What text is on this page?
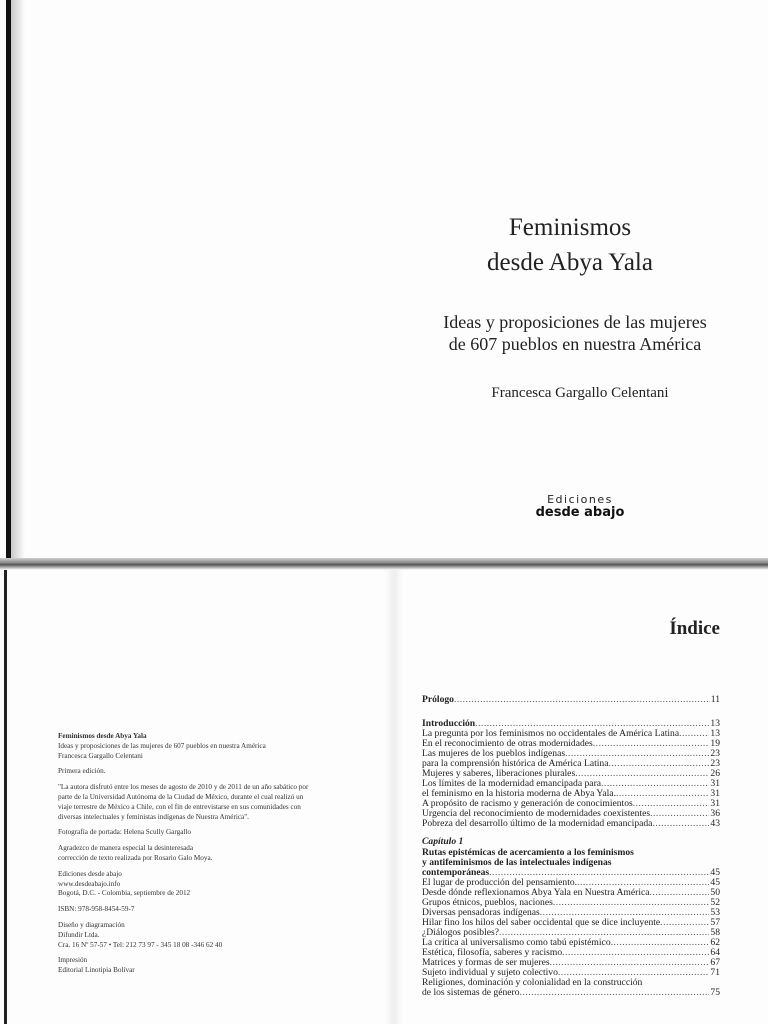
Feminismos
desde Abya Yala
Ideas y proposiciones de las mujeres
de 607 pueblos en nuestra América
Francesca Gargallo Celentani
Ediciones
desde abajo

Feminismos desde Abya Yala
Ideas y proposiciones de las mujeres de 607 pueblos en nuestra América
Francesca Gargallo Celentani

Primera edición.

"La autora disfrutó entre los meses de agosto de 2010 y de 2011 de un año sabático por
parte de la Universidad Autónoma de la Ciudad de México, durante el cual realizó un
viaje terrestre de México a Chile, con el fin de entrevistarse en sus comunidades con
diversas intelectuales y feministas indígenas de Nuestra América".

Fotografía de portada: Helena Scully Gargallo

Agradezco de manera especial la desinteresada
corrección de texto realizada por Rosario Galo Moya.

Ediciones desde abajo
www.desdeabajo.info
Bogotá, D.C. - Colombia, septiembre de 2012

ISBN: 978-958-8454-59-7

Diseño y diagramación
Difundir Ltda.
Cra. 16 Nº 57-57 • Tel: 212 73 97 - 345 18 08 -346 62 40

Impresión
Editorial Linotipia Bolívar

Índice
Prólogo .....	11
Introducción .....	13
La pregunta por los feminismos no occidentales de América Latina .....	13
En el reconocimiento de otras modernidades .....	19
Las mujeres de los pueblos indígenas .....	23
para la comprensión histórica de América Latina .....	23
Mujeres y saberes, liberaciones plurales .....	26
Los límites de la modernidad emancipada para .....	31
el feminismo en la historia moderna de Abya Yala. .....	31
A propósito de racismo y generación de conocimientos .....	31
Urgencia del reconocimiento de modernidades coexistentes .....	36
Pobreza del desarrollo último de la modernidad emancipada .....	43
Capítulo 1
Rutas epistémicas de acercamiento a los feminismos
y antifeminismos de las intelectuales indígenas
contemporáneas .....	45
El lugar de producción del pensamiento. .....	45
Desde dónde reflexionamos Abya Yala en Nuestra América .....	50
Grupos étnicos, pueblos, naciones .....	52
Diversas pensadoras indígenas .....	53
Hilar fino los hilos del saber occidental que se dice incluyente .....	57
¿Diálogos posibles? .....	58
La crítica al universalismo como tabú epistémico .....	62
Estética, filosofía, saberes y racismo .....	64
Matrices y formas de ser mujeres .....	67
Sujeto individual y sujeto colectivo .....	71
Religiones, dominación y colonialidad en la construcción
de los sistemas de género .....	75
